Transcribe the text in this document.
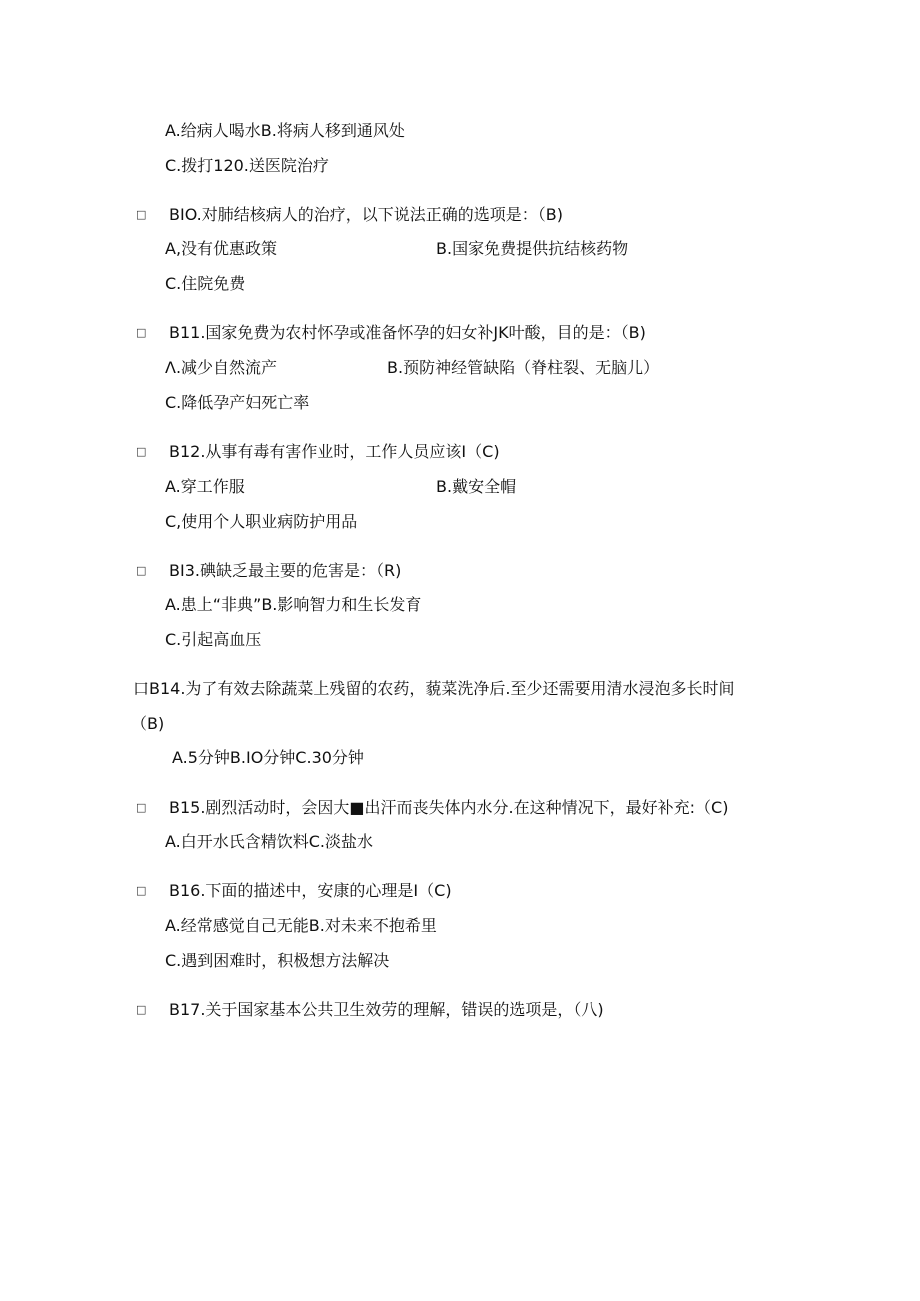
A.给病人喝水B.将病人移到通风处
C.拨打120.送医院治疗
□ BIO.对肺结核病人的治疗，以下说法正确的选项是：（B)
A,没有优惠政策	B.国家免费提供抗结核药物
C.住院免费
□ B11.国家免费为农村怀孕或准备怀孕的妇女补JK叶酸，目的是：（B)
Λ.减少自然流产	B.预防神经管缺陷（脊柱裂、无脑儿）
C.降低孕产妇死亡率
□ B12.从事有毒有害作业时，工作人员应该I（C)
A.穿工作服	B.戴安全帽
C,使用个人职业病防护用品
□ BI3.碘缺乏最主要的危害是：（R)
A.患上“非典”B.影响智力和生长发育
C.引起高血压
口B14.为了有效去除蔬菜上残留的农药，藐菜洗净后.至少还需要用清水浸泡多长时间
（B)
A.5分钟B.IO分钟C.30分钟
□ B15.剧烈活动时，会因大■出汗而丧失体内水分.在这种情况下，最好补充:（C)
A.白开水氏含精饮料C.淡盐水
□ B16.下面的描述中，安康的心理是I（C)
A.经常感觉自己无能B.对未来不抱希里
C.遇到困难时，积极想方法解决
□ B17.关于国家基本公共卫生效劳的理解，错误的选项是，（八)
